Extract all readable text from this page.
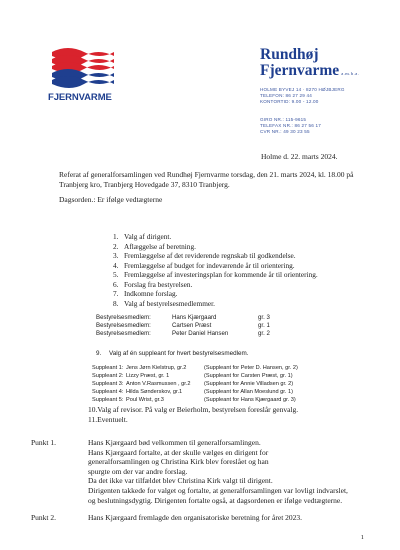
FJERNVARME
Rundhøj
Fjernvarme a.m.b.a.
HOLME BYVEJ 14 · 8270 HØJBJERG
TELEFON: 86 27 29 44
KONTORTID: 9.00 - 12.00
GIRO NR.: 115-9615
TELEFAX NR.: 86 27 56 17
CVR NR.: 49 30 23 55
Holme d. 22. marts 2024.
Referat af generalforsamlingen ved Rundhøj Fjernvarme torsdag, den 21. marts 2024, kl. 18.00 på
Tranbjerg kro, Tranbjerg Hovedgade 37, 8310 Tranbjerg.
Dagsorden.: Er ifølge vedtægterne
1. Valg af dirigent.
2. Aflæggelse af beretning.
3. Fremlæggelse af det reviderende regnskab til godkendelse.
4. Fremlæggelse af budget for indeværende år til orientering.
5. Fremlæggelse af investeringsplan for kommende år til orientering.
6. Forslag fra bestyrelsen.
7. Indkomne forslag.
8. Valg af bestyrelsesmedlemmer.
Bestyrelsesmedlem:	Hans Kjærgaard	gr. 3
Bestyrelsesmedlem:	Cartsen Præst	gr. 1
Bestyrelsesmedlem:	Peter Daniel Hansen	gr. 2
9. Valg af én suppleant for hvert bestyrelsesmedlem.
Suppleant 1: Jens Jørn Kielstrup, gr.2	(Suppleant for Peter D. Hansen, gr. 2)
Suppleant 2: Lizzy Præst, gr. 1	(Suppleant for Carsten Præst, gr. 1)
Suppleant 3: Anton V.Rasmussen , gr.2 (Suppleant for Annie Villadsen gr. 2)
Suppleant 4: Hilda Sønderskov, gr.1	(Suppleant for Allan Moeslund gr. 1)
Suppleant 5: Poul Wrist, gr.3	(Suppleant for Hans Kjærgaard gr. 3)
10.Valg af revisor. På valg er Beierholm, bestyrelsen foreslår genvalg.
11.Eventuelt.
Punkt 1.	Hans Kjærgaard bød velkommen til generalforsamlingen.
Hans Kjærgaard fortalte, at der skulle vælges en dirigent for
generalforsamlingen og Christina Kirk blev foreslået og han
spurgte om der var andre forslag.
Da det ikke var tilfældet blev Christina Kirk valgt til dirigent.
Dirigenten takkede for valget og fortalte, at generalforsamlingen var lovligt indvarslet,
og beslutningsdygtig. Dirigenten fortalte også, at dagsordenen er ifølge vedtægterne.
Punkt 2.	Hans Kjærgaard fremlagde den organisatoriske beretning for året 2023.
1
